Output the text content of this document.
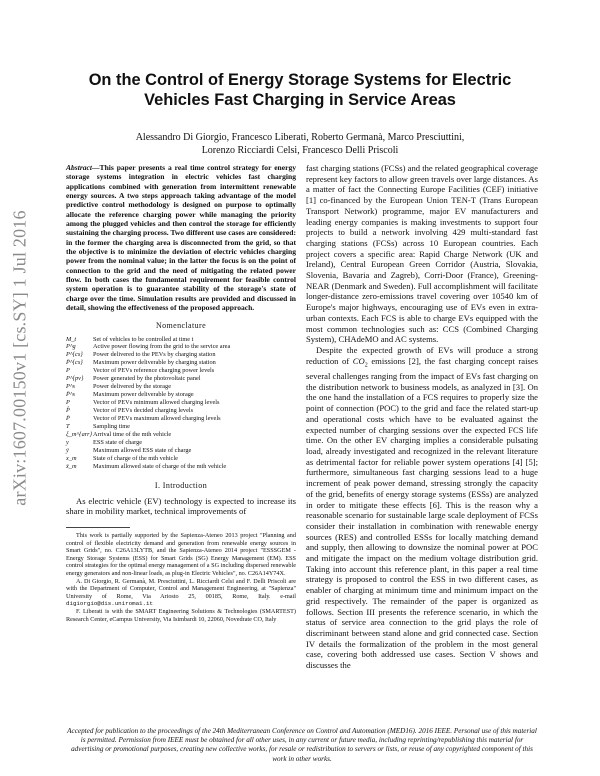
arXiv:1607.00150v1 [cs.SY] 1 Jul 2016
On the Control of Energy Storage Systems for Electric Vehicles Fast Charging in Service Areas
Alessandro Di Giorgio, Francesco Liberati, Roberto Germanà, Marco Presciuttini,
Lorenzo Ricciardi Celsi, Francesco Delli Priscoli

Abstract—This paper presents a real time control strategy for energy storage systems integration in electric vehicles fast charging applications combined with generation from intermittent renewable energy sources. A two steps approach taking advantage of the model predictive control methodology is designed on purpose to optimally allocate the reference charging power while managing the priority among the plugged vehicles and then control the storage for efficiently sustaining the charging process. Two different use cases are considered: in the former the charging area is disconnected from the grid, so that the objective is to minimize the deviation of electric vehicles charging power from the nominal value; in the latter the focus is on the point of connection to the grid and the need of mitigating the related power flow. In both cases the fundamental requirement for feasible control system operation is to guarantee stability of the storage's state of charge over the time. Simulation results are provided and discussed in detail, showing the effectiveness of the proposed approach.

Nomenclature
M_t	Set of vehicles to be controlled at time t
P^g	Active power flowing from the grid to the service area
P^{cs}	Power delivered to the PEVs by charging station
P̄^{cs}	Maximum power deliverable by charging station
P	Vector of PEVs reference charging power levels
P^{pv}	Power generated by the photovoltaic panel
P^s	Power delivered by the storage
P̄^s	Maximum power deliverable by storage
P	Vector of PEVs minimum allowed charging levels
P̂	Vector of PEVs decided charging levels
P̄	Vector of PEVs maximum allowed charging levels
T	Sampling time
ξ_m^{arr} Arrival time of the mth vehicle
y	ESS state of charge
ȳ	Maximum allowed ESS state of charge
x_m	State of charge of the mth vehicle
x̄_m	Maximum allowed state of charge of the mth vehicle
I. Introduction

As electric vehicle (EV) technology is expected to increase its share in mobility market, technical improvements of

This work is partially supported by the Sapienza-Ateneo 2013 project "Planning and control of flexible electricity demand and generation from renewable energy sources in Smart Grids", no. C26A13LYTB, and the Sapienza-Ateneo 2014 project "ESSSGEM - Energy Storage Systems (ESS) for Smart Grids (SG) Energy Management (EM). ESS control strategies for the optimal energy management of a SG including dispersed renewable energy generators and non-linear loads, as plug-in Electric Vehicles", no. C26A14Y74X.

A. Di Giorgio, R. Germanà, M. Presciuttini, L. Ricciardi Celsi and F. Delli Priscoli are with the Department of Computer, Control and Management Engineering, at "Sapienza" University of Rome, Via Ariosto 25, 00185, Rome, Italy. e-mail digiorgio@dis.uniroma1.it

F. Liberati is with the SMART Engineering Solutions & Technologies (SMARTEST) Research Center, eCampus University, Via Isimbardi 10, 22060, Novedrate CO, Italy

fast charging stations (FCSs) and the related geographical coverage represent key factors to allow green travels over large distances. As a matter of fact the Connecting Europe Facilities (CEF) initiative [1] co-financed by the European Union TEN-T (Trans European Transport Network) programme, major EV manufacturers and leading energy companies is making investments to support four projects to build a network involving 429 multi-standard fast charging stations (FCSs) across 10 European countries. Each project covers a specific area: Rapid Charge Network (UK and Ireland), Central European Green Corridor (Austria, Slovakia, Slovenia, Bavaria and Zagreb), Corri-Door (France), Greening-NEAR (Denmark and Sweden). Full accomplishment will facilitate longer-distance zero-emissions travel covering over 10540 km of Europe's major highways, encouraging use of EVs even in extra-urban contexts. Each FCS is able to charge EVs equipped with the most common technologies such as: CCS (Combined Charging System), CHAdeMO and AC systems.

Despite the expected growth of EVs will produce a strong reduction of $CO_2$ emissions [2], the fast charging concept raises several challenges ranging from the impact of EVs fast charging on the distribution network to business models, as analyzed in [3]. On the one hand the installation of a FCS requires to properly size the point of connection (POC) to the grid and face the related start-up and operational costs which have to be evaluated against the expected number of charging sessions over the expected FCS life time. On the other EV charging implies a considerable pulsating load, already investigated and recognized in the relevant literature as detrimental factor for reliable power system operations [4] [5]; furthermore, simultaneous fast charging sessions lead to a huge increment of peak power demand, stressing strongly the capacity of the grid, benefits of energy storage systems (ESSs) are analyzed in order to mitigate these effects [6]. This is the reason why a reasonable scenario for sustainable large scale deployment of FCSs consider their installation in combination with renewable energy sources (RES) and controlled ESSs for locally matching demand and supply, then allowing to downsize the nominal power at POC and mitigate the impact on the medium voltage distribution grid. Taking into account this reference plant, in this paper a real time strategy is proposed to control the ESS in two different cases, as enabler of charging at minimum time and minimum impact on the grid respectively. The remainder of the paper is organized as follows. Section III presents the reference scenario, in which the status of service area connection to the grid plays the role of discriminant between stand alone and grid connected case. Section IV details the formalization of the problem in the most general case, covering both addressed use cases. Section V shows and discusses the

Accepted for publication to the proceedings of the 24th Mediterranean Conference on Control and Automation (MED16). 2016 IEEE. Personal use of this material is permitted. Permission from IEEE must be obtained for all other uses, in any current or future media, including reprinting/republishing this material for advertising or promotional purposes, creating new collective works, for resale or redistribution to servers or lists, or reuse of any copyrighted component of this work in other works.
